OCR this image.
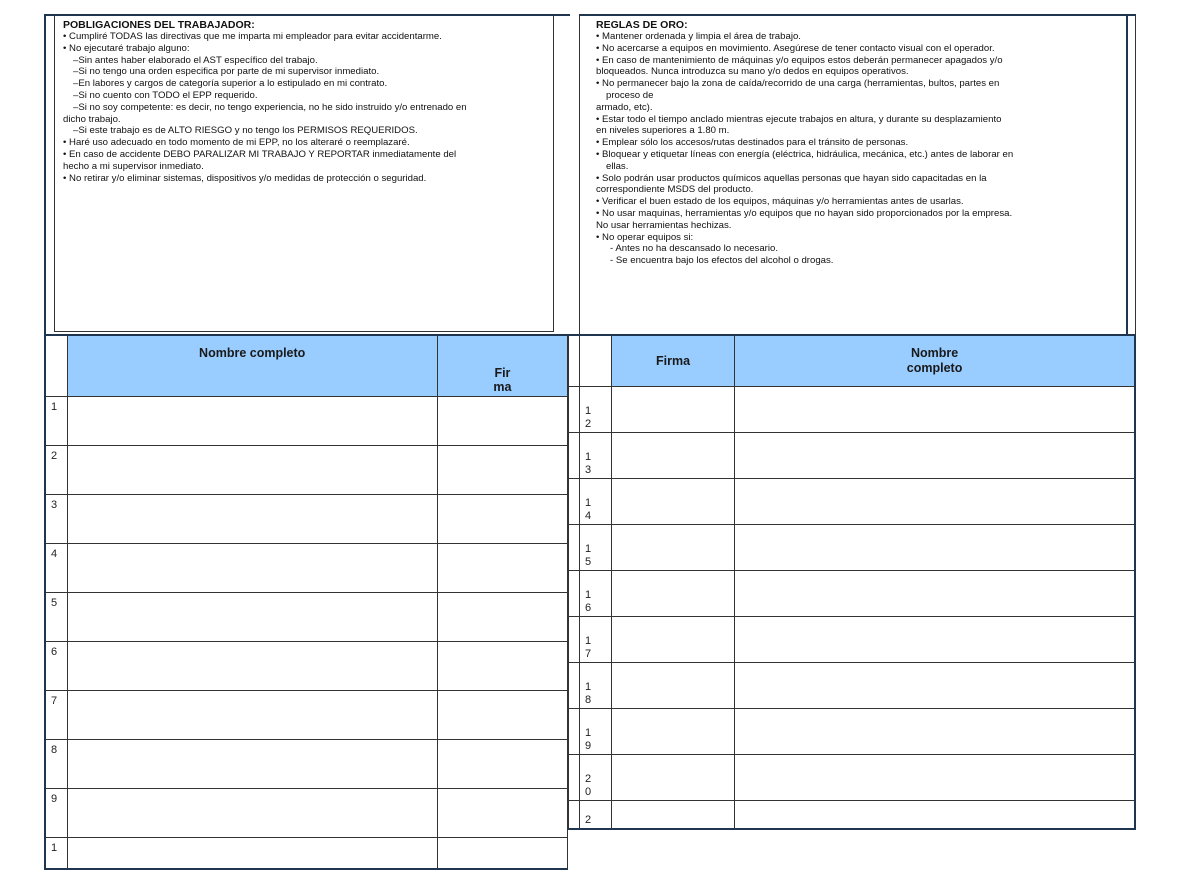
POBLIGACIONES DEL TRABAJADOR:

• Cumpliré TODAS las directivas que me imparta mi empleador para evitar accidentarme.
• No ejecutaré trabajo alguno:
–Sin antes haber elaborado el AST específico del trabajo.
–Si no tengo una orden especifica por parte de mi supervisor inmediato.
–En labores y cargos de categoría superior a lo estipulado en mi contrato.
–Si no cuento con TODO el EPP requerido.
–Si no soy competente: es decir, no tengo experiencia, no he sido instruido y/o entrenado en
dicho trabajo.
–Si este trabajo es de ALTO RIESGO y no tengo los PERMISOS REQUERIDOS.
• Haré uso adecuado en todo momento de mi EPP, no los alteraré o reemplazaré.
• En caso de accidente DEBO PARALIZAR MI TRABAJO Y REPORTAR inmediatamente del
hecho a mi supervisor inmediato.
• No retirar y/o eliminar sistemas, dispositivos y/o medidas de protección o seguridad.

REGLAS DE ORO:

• Mantener ordenada y limpia el área de trabajo.
• No acercarse a equipos en movimiento. Asegúrese de tener contacto visual con el operador.
• En caso de mantenimiento de máquinas y/o equipos estos deberán permanecer apagados y/o
bloqueados. Nunca introduzca su mano y/o dedos en equipos operativos.
• No permanecer bajo la zona de caída/recorrido de una carga (herramientas, bultos, partes en
proceso de
armado, etc).
• Estar todo el tiempo anclado mientras ejecute trabajos en altura, y durante su desplazamiento
en niveles superiores a 1.80 m.
• Emplear sólo los accesos/rutas destinados para el tránsito de personas.
• Bloquear y etiquetar líneas con energía (eléctrica, hidráulica, mecánica, etc.) antes de laborar en
ellas.
• Solo podrán usar productos químicos aquellas personas que hayan sido capacitadas en la
correspondiente MSDS del producto.
• Verificar el buen estado de los equipos, máquinas y/o herramientas antes de usarlas.
• No usar maquinas, herramientas y/o equipos que no hayan sido proporcionados por la empresa.
No usar herramientas hechizas.
• No operar equipos si:
- Antes no ha descansado lo necesario.
- Se encuentra bajo los efectos del alcohol o drogas.
	Nombre completo	Fir
ma
1		
2		
3		
4		
5		
6		
7		
8		
9		
1		
		Firma	Nombre
completo
	1
2		
	1
3		
	1
4		
	1
5		
	1
6		
	1
7		
	1
8		
	1
9		
	2
0		
	2		
